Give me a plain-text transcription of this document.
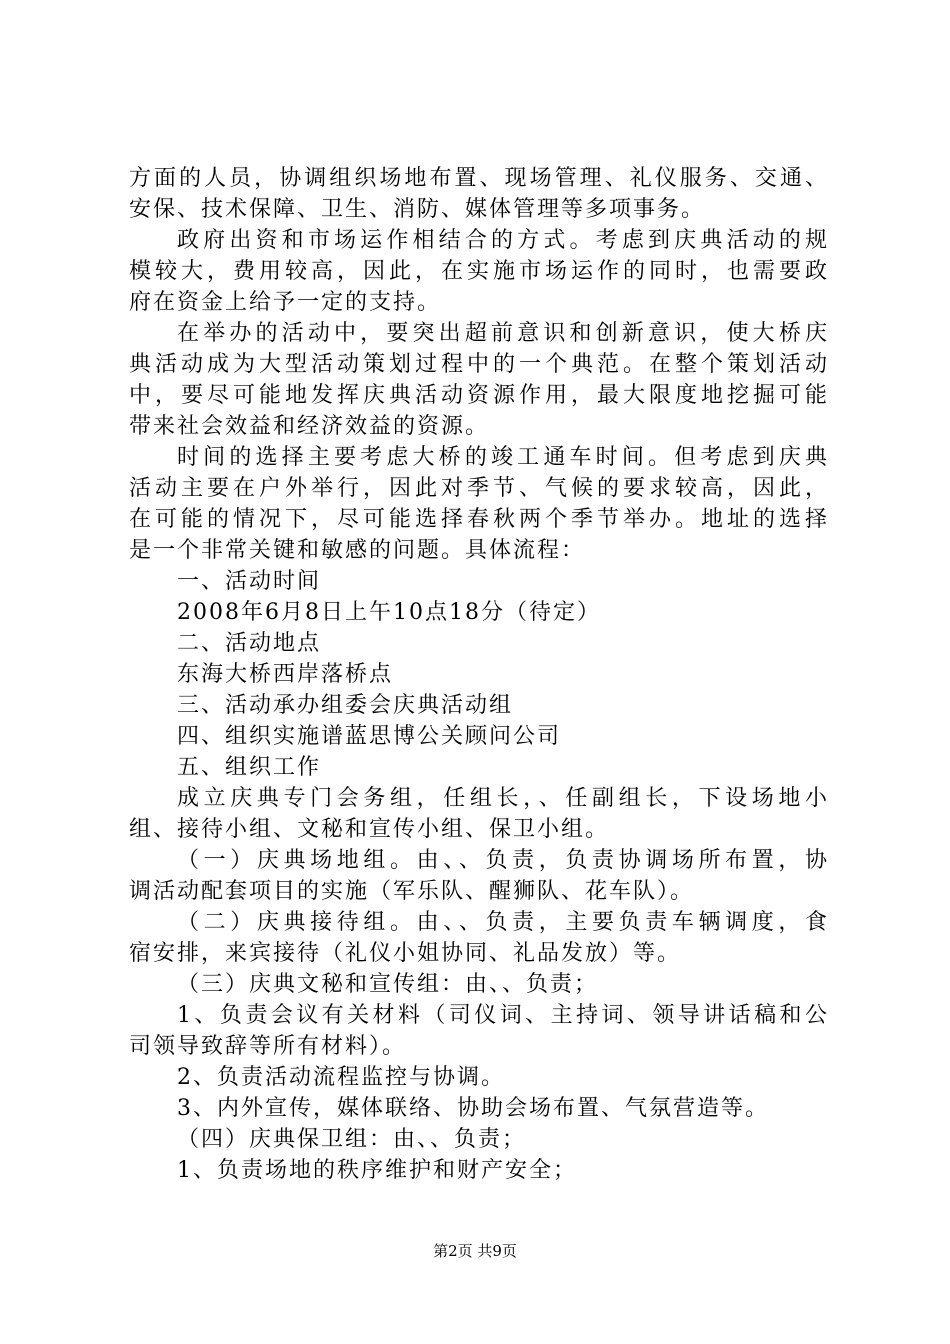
方面的人员，协调组织场地布置、现场管理、礼仪服务、交通、
安保、技术保障、卫生、消防、媒体管理等多项事务。
政府出资和市场运作相结合的方式。考虑到庆典活动的规
模较大，费用较高，因此，在实施市场运作的同时，也需要政
府在资金上给予一定的支持。
在举办的活动中，要突出超前意识和创新意识，使大桥庆
典活动成为大型活动策划过程中的一个典范。在整个策划活动
中，要尽可能地发挥庆典活动资源作用，最大限度地挖掘可能
带来社会效益和经济效益的资源。
时间的选择主要考虑大桥的竣工通车时间。但考虑到庆典
活动主要在户外举行，因此对季节、气候的要求较高，因此，
在可能的情况下，尽可能选择春秋两个季节举办。地址的选择
是一个非常关键和敏感的问题。具体流程：
一、活动时间
2008年6月8日上午10点18分（待定）
二、活动地点
东海大桥西岸落桥点
三、活动承办组委会庆典活动组
四、组织实施谱蓝思博公关顾问公司
五、组织工作
成立庆典专门会务组，任组长，、任副组长，下设场地小
组、接待小组、文秘和宣传小组、保卫小组。
（一）庆典场地组。由、、负责，负责协调场所布置，协
调活动配套项目的实施（军乐队、醒狮队、花车队）。
（二）庆典接待组。由、、负责，主要负责车辆调度，食
宿安排，来宾接待（礼仪小姐协同、礼品发放）等。
（三）庆典文秘和宣传组：由、、负责；
1、负责会议有关材料（司仪词、主持词、领导讲话稿和公
司领导致辞等所有材料）。
2、负责活动流程监控与协调。
3、内外宣传，媒体联络、协助会场布置、气氛营造等。
（四）庆典保卫组：由、、负责；
1、负责场地的秩序维护和财产安全；
第2页 共9页
